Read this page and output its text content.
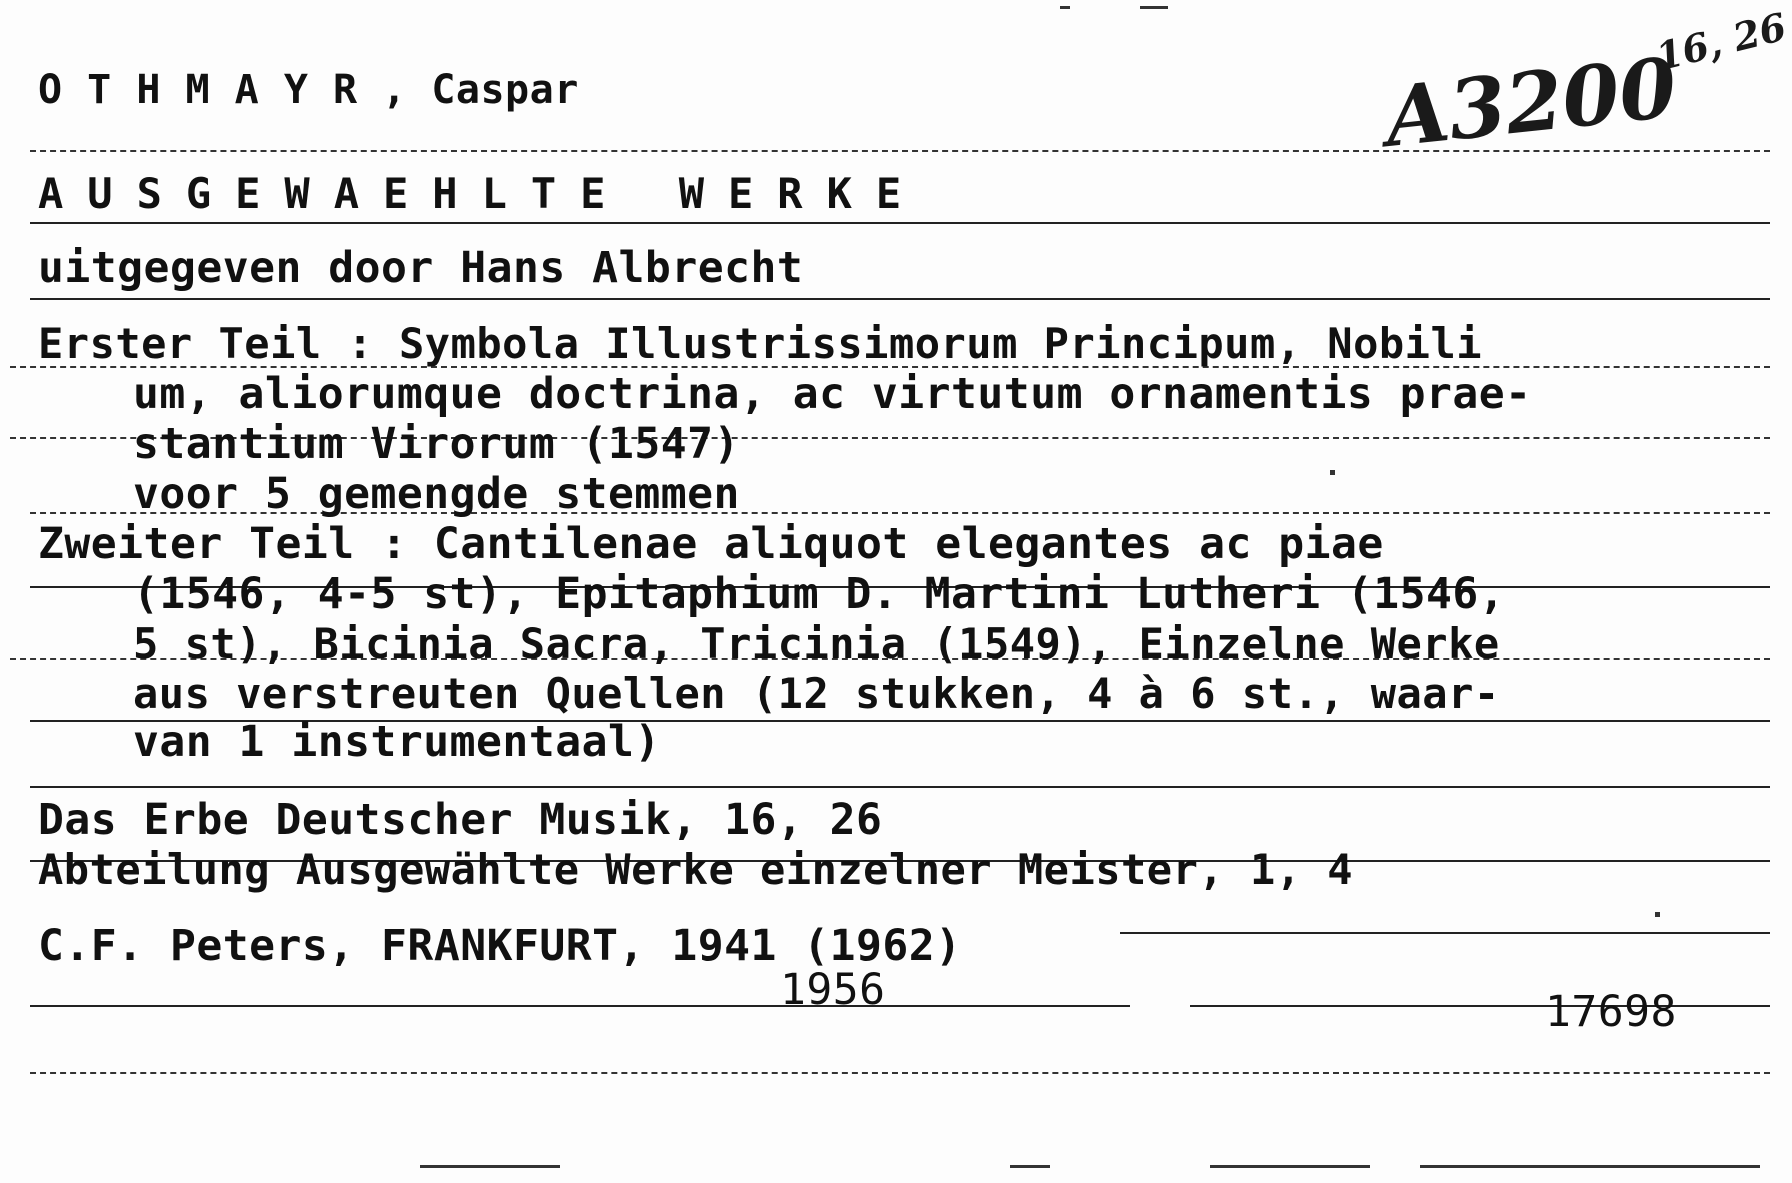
O T H M A Y R , Caspar	A3200
16, 26
AUSGEWAEHLTE WERKE
uitgegeven door Hans Albrecht
Erster Teil : Symbola Illustrissimorum Principum, Nobili
um, aliorumque doctrina, ac virtutum ornamentis prae-
stantium Virorum (1547)
voor 5 gemengde stemmen
Zweiter Teil : Cantilenae aliquot elegantes ac piae
(1546, 4-5 st), Epitaphium D. Martini Lutheri (1546,
5 st), Bicinia Sacra, Tricinia (1549), Einzelne Werke
aus verstreuten Quellen (12 stukken, 4 à 6 st., waar-
van 1 instrumentaal)
Das Erbe Deutscher Musik, 16, 26
Abteilung Ausgewählte Werke einzelner Meister, 1, 4
C.F. Peters, FRANKFURT, 1941 (1962)
1956	17698
